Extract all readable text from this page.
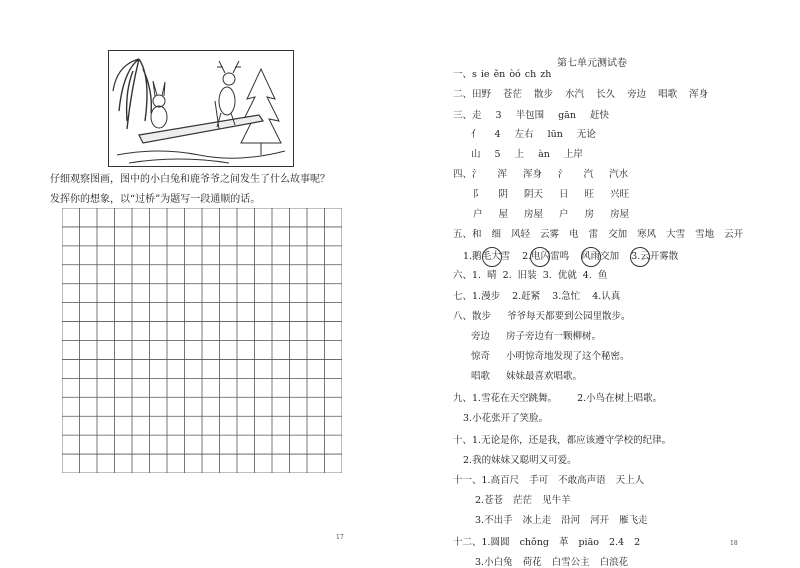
仔细观察图画，图中的小白兔和鹿爷爷之间发生了什么故事呢？
发挥你的想象，以“过桥”为题写一段通顺的话。
17
第七单元测试卷
一、s ie ěn òó ch zh
二、田野 苍茫 散步 水汽 长久 旁边 唱歌 浑身
三、走 3 半包围 gān 赶快
亻 4 左右 lūn 无论
山 5 上 àn 上岸
四、氵 浑 浑身 氵 汽 汽水
阝 阴 阴天 日 旺 兴旺
户 屋 房屋 户 房 房屋
五、和 细 风轻 云雾 电 雷 交加 寒风 大雪 雪地 云开
1.鹅毛大雪 2.电闪雷鸣 风雨交加 3.云开雾散
六、1. 晴 2. 旧装 3. 优就 4. 鱼
七、1.漫步 2.赶紧 3.急忙 4.认真
八、散步 爷爷每天都要到公园里散步。
旁边 房子旁边有一颗柳树。
惊奇 小明惊奇地发现了这个秘密。
唱歌 妹妹最喜欢唱歌。
九、1.雪花在天空跳舞。 2.小鸟在树上唱歌。
3.小花张开了笑脸。
十、1.无论是你，还是我，都应该遵守学校的纪律。
2.我的妹妹又聪明又可爱。
十一、1.高百尺 手可 不敢高声语 天上人
2.苍苍 茫茫 见牛羊
3.不出手 冰上走 沿河 河开 雁飞走
十二、1.圆圆 chǒng 革 piāo 2.4 2
3.小白兔 荷花 白雪公主 白浪花
18
